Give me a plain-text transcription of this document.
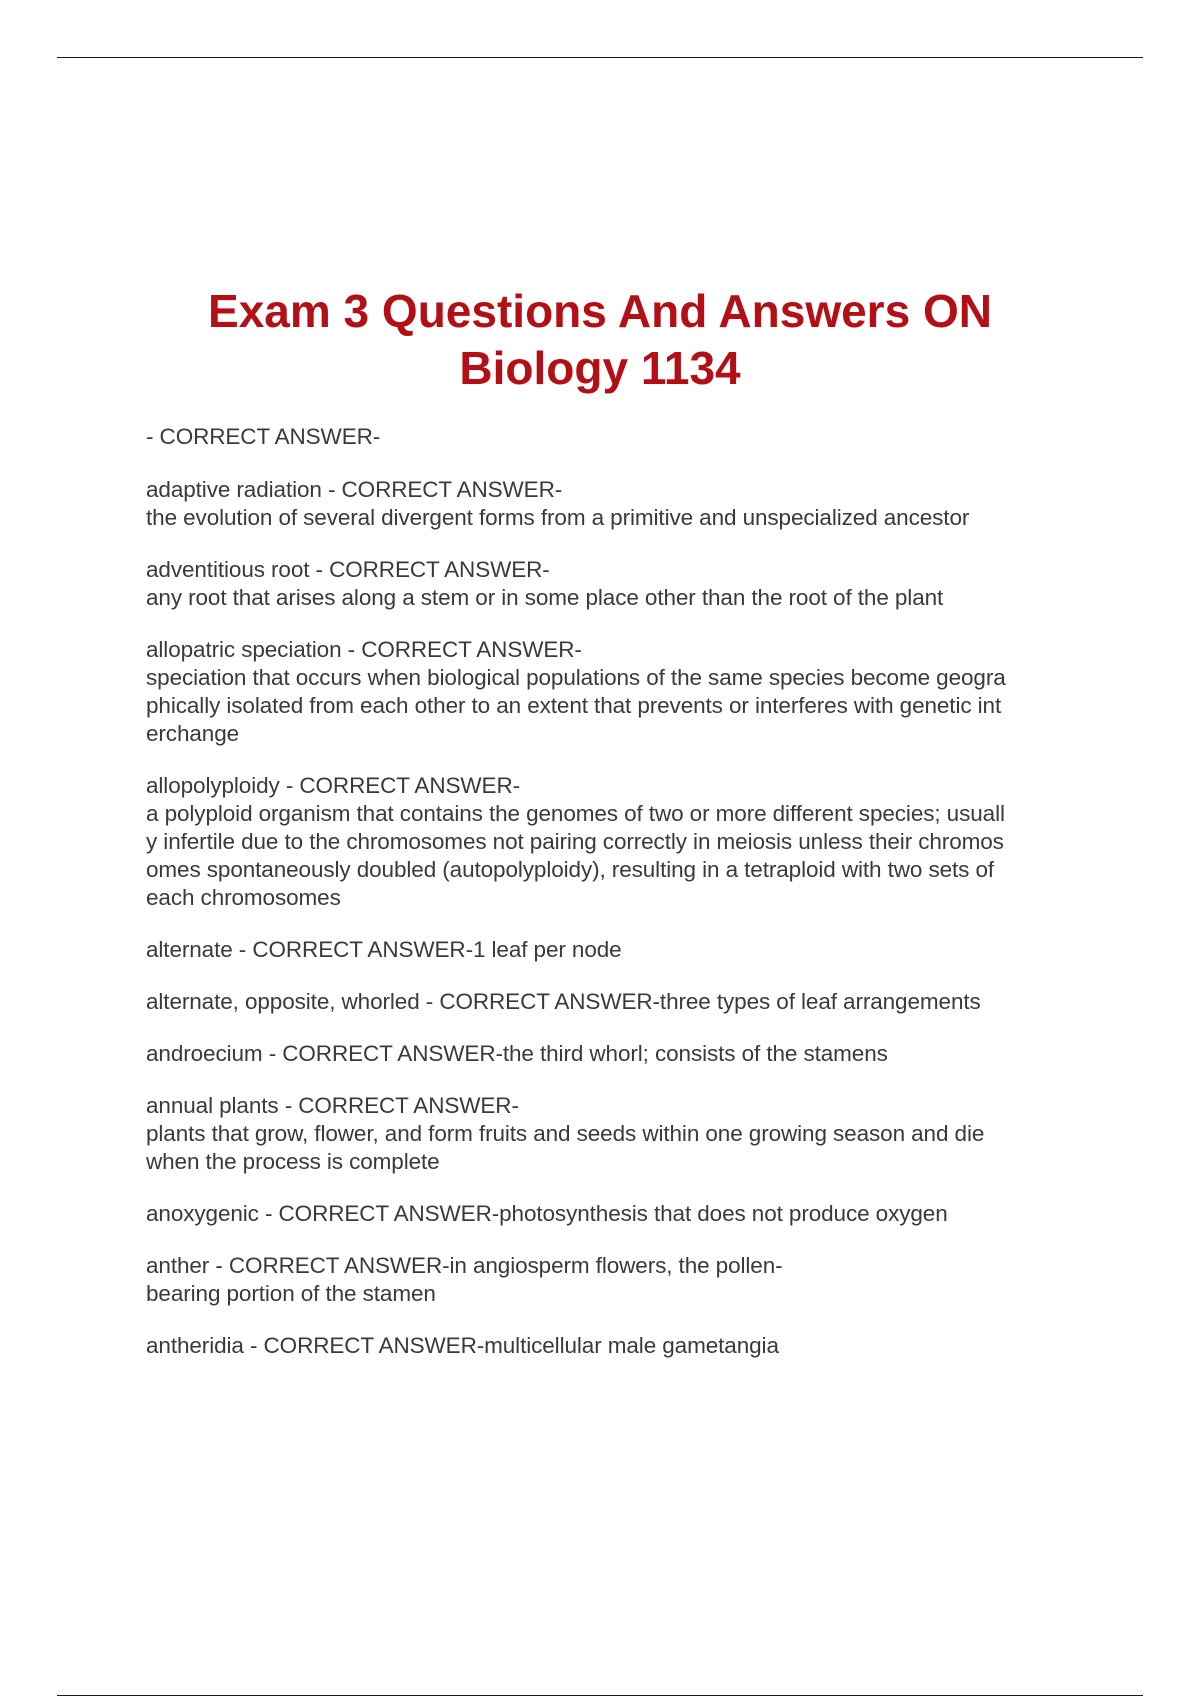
Exam 3 Questions And Answers ON
Biology 1134
- CORRECT ANSWER-
adaptive radiation - CORRECT ANSWER-
the evolution of several divergent forms from a primitive and unspecialized ancestor
adventitious root - CORRECT ANSWER-
any root that arises along a stem or in some place other than the root of the plant
allopatric speciation - CORRECT ANSWER-
speciation that occurs when biological populations of the same species become geogra
phically isolated from each other to an extent that prevents or interferes with genetic int
erchange
allopolyploidy - CORRECT ANSWER-
a polyploid organism that contains the genomes of two or more different species; usuall
y infertile due to the chromosomes not pairing correctly in meiosis unless their chromos
omes spontaneously doubled (autopolyploidy), resulting in a tetraploid with two sets of
each chromosomes
alternate - CORRECT ANSWER-1 leaf per node
alternate, opposite, whorled - CORRECT ANSWER-three types of leaf arrangements
androecium - CORRECT ANSWER-the third whorl; consists of the stamens
annual plants - CORRECT ANSWER-
plants that grow, flower, and form fruits and seeds within one growing season and die
when the process is complete
anoxygenic - CORRECT ANSWER-photosynthesis that does not produce oxygen
anther - CORRECT ANSWER-in angiosperm flowers, the pollen-
bearing portion of the stamen
antheridia - CORRECT ANSWER-multicellular male gametangia
